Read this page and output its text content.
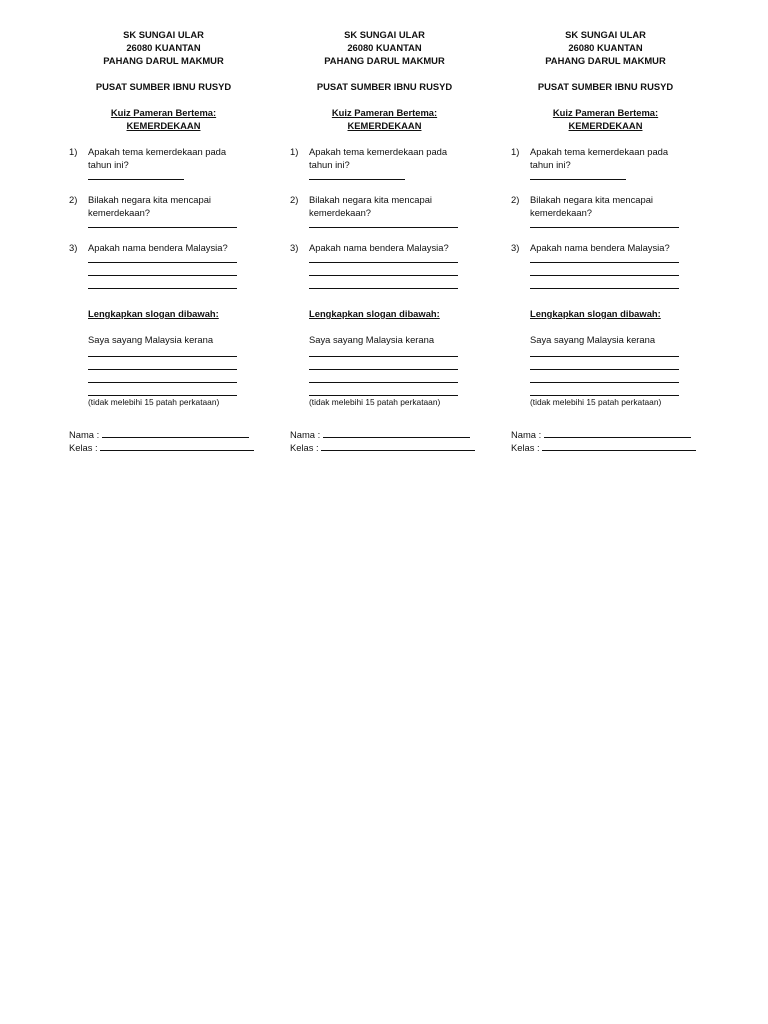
SK SUNGAI ULAR
26080 KUANTAN
PAHANG DARUL MAKMUR
PUSAT SUMBER IBNU RUSYD
Kuiz Pameran Bertema:
KEMERDEKAAN
1) Apakah tema kemerdekaan pada
tahun ini?
2) Bilakah negara kita mencapai
kemerdekaan?
3) Apakah nama bendera Malaysia?
Lengkapkan slogan dibawah:
Saya sayang Malaysia kerana
(tidak melebihi 15 patah perkataan)
Nama :
Kelas :
SK SUNGAI ULAR
26080 KUANTAN
PAHANG DARUL MAKMUR
PUSAT SUMBER IBNU RUSYD
Kuiz Pameran Bertema:
KEMERDEKAAN
1) Apakah tema kemerdekaan pada
tahun ini?
2) Bilakah negara kita mencapai
kemerdekaan?
3) Apakah nama bendera Malaysia?
Lengkapkan slogan dibawah:
Saya sayang Malaysia kerana
(tidak melebihi 15 patah perkataan)
Nama :
Kelas :
SK SUNGAI ULAR
26080 KUANTAN
PAHANG DARUL MAKMUR
PUSAT SUMBER IBNU RUSYD
Kuiz Pameran Bertema:
KEMERDEKAAN
1) Apakah tema kemerdekaan pada
tahun ini?
2) Bilakah negara kita mencapai
kemerdekaan?
3) Apakah nama bendera Malaysia?
Lengkapkan slogan dibawah:
Saya sayang Malaysia kerana
(tidak melebihi 15 patah perkataan)
Nama :
Kelas :
